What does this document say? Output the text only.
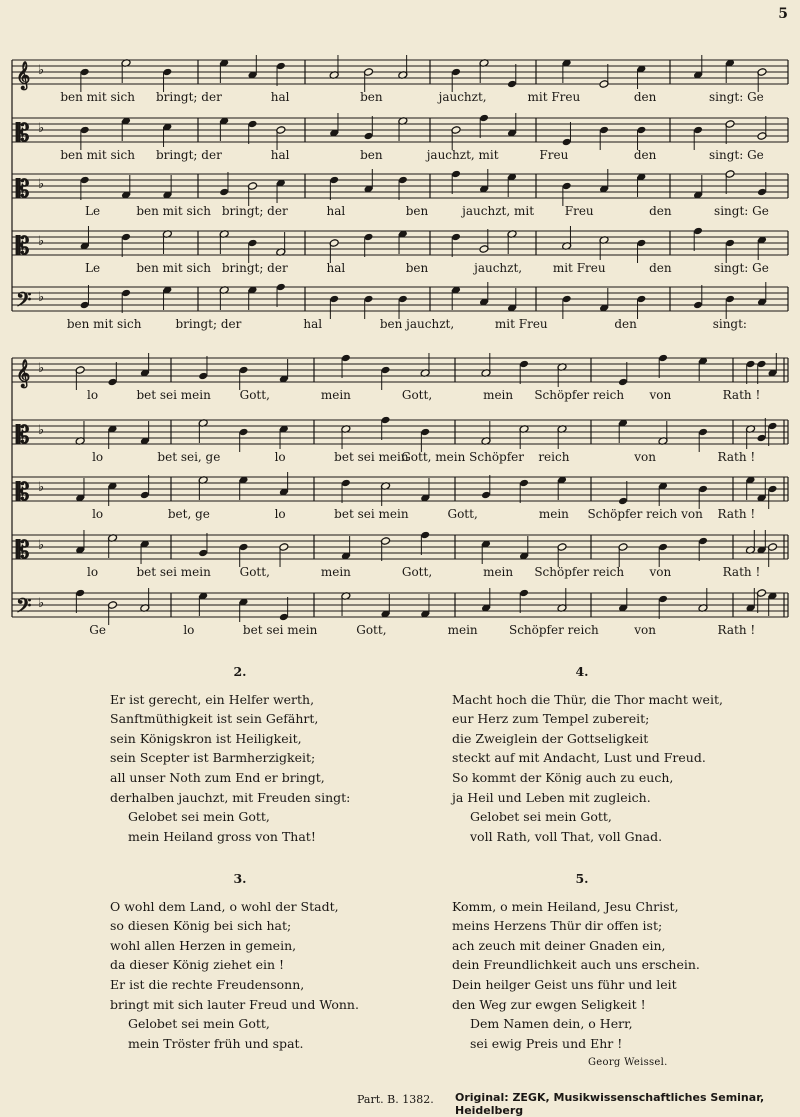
5
𝄞 ♭
ben mit sich bringt; der	hal	ben	jauchzt,	mit Freu	den	singt: Ge
𝄡 ♭
ben mit sich bringt; der	hal	ben	jauchzt, mit	Freu	den	singt: Ge
𝄡 ♭
Le	ben mit sich bringt; der	hal	ben	jauchzt, mit	Freu	den	singt: Ge
𝄡 ♭
Le	ben mit sich bringt; der	hal	ben	jauchzt,	mit Freu	den	singt: Ge
𝄢 ♭
ben mit sich	bringt; der	hal	ben jauchzt,	mit Freu	den	singt:
𝄞 ♭
lo	bet sei mein Gott,	mein	Gott,	mein Schöpfer reich von	Rath !
𝄡 ♭
lo	bet sei, ge	lo	bet sei mein
Gott, mein Schöpfer reich	von	Rath !
𝄡 ♭
lo	bet, ge	lo	bet sei mein	Gott,	mein Schöpfer reich von Rath !
𝄡 ♭
lo	bet sei mein Gott,	mein	Gott,	mein Schöpfer reich von	Rath !
𝄢 ♭
Ge	lo	bet sei mein	Gott,	mein	Schöpfer reich	von	Rath !
2.
Er ist gerecht, ein Helfer werth,
Sanftmüthigkeit ist sein Gefährt,
sein Königskron ist Heiligkeit,
sein Scepter ist Barmherzigkeit;
all unser Noth zum End er bringt,
derhalben jauchzt, mit Freuden singt:
Gelobet sei mein Gott,
mein Heiland gross von That!
4.
Macht hoch die Thür, die Thor macht weit,
eur Herz zum Tempel zubereit;
die Zweiglein der Gottseligkeit
steckt auf mit Andacht, Lust und Freud.
So kommt der König auch zu euch,
ja Heil und Leben mit zugleich.
Gelobet sei mein Gott,
voll Rath, voll That, voll Gnad.
3.
O wohl dem Land, o wohl der Stadt,
so diesen König bei sich hat;
wohl allen Herzen in gemein,
da dieser König ziehet ein !
Er ist die rechte Freudensonn,
bringt mit sich lauter Freud und Wonn.
Gelobet sei mein Gott,
mein Tröster früh und spat.
5.
Komm, o mein Heiland, Jesu Christ,
meins Herzens Thür dir offen ist;
ach zeuch mit deiner Gnaden ein,
dein Freundlichkeit auch uns erschein.
Dein heilger Geist uns führ und leit
den Weg zur ewgen Seligkeit !
Dem Namen dein, o Herr,
sei ewig Preis und Ehr !
Georg Weissel.
Part. B. 1382. Original: ZEGK, Musikwissenschaftliches Seminar, Heidelberg
